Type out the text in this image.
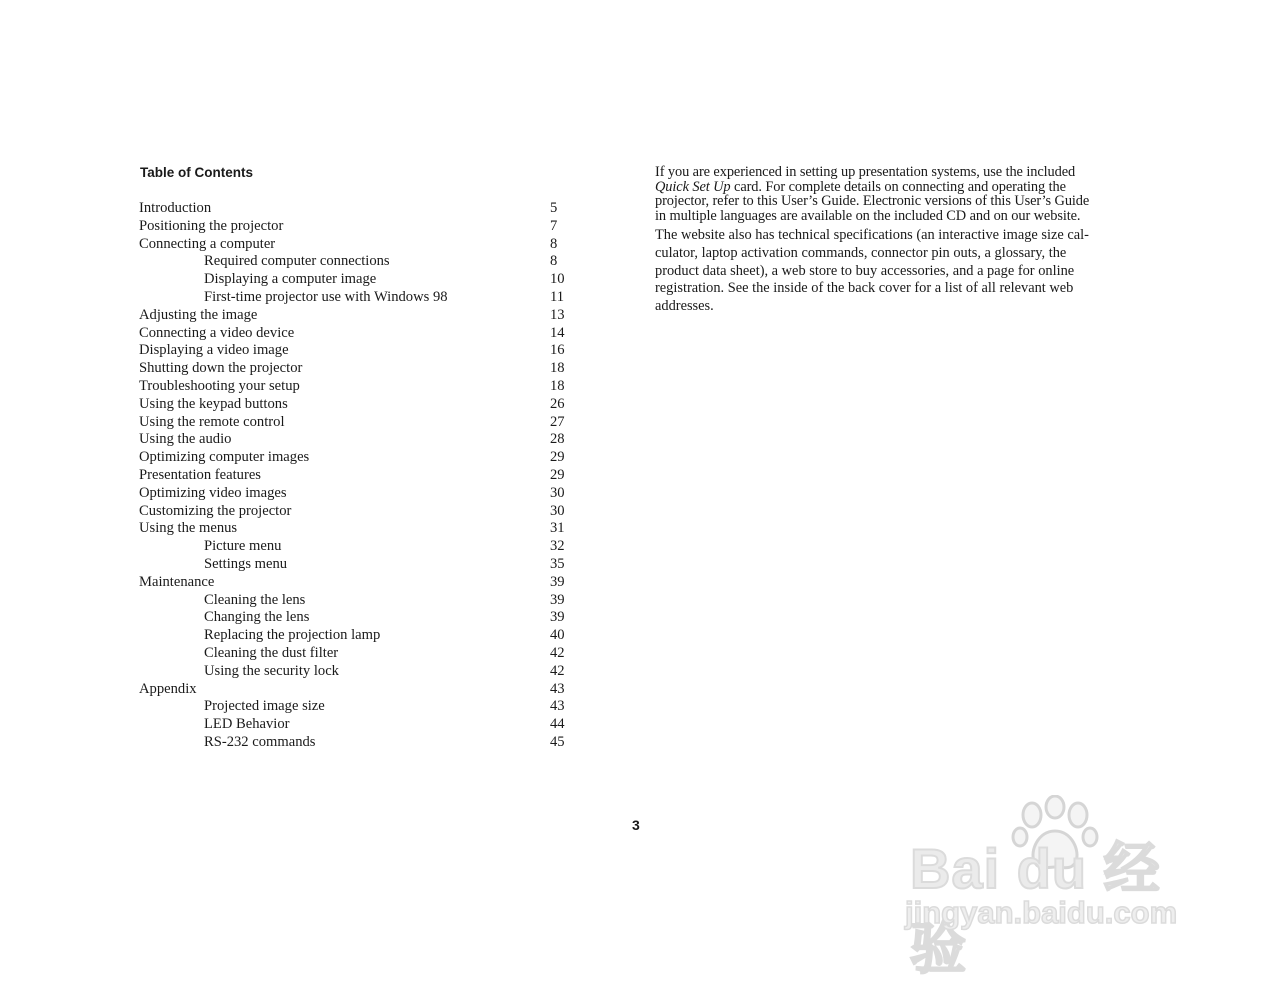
Table of Contents
Introduction	5
Positioning the projector	7
Connecting a computer	8
Required computer connections	8
Displaying a computer image	10
First-time projector use with Windows 98	11
Adjusting the image	13
Connecting a video device	14
Displaying a video image	16
Shutting down the projector	18
Troubleshooting your setup	18
Using the keypad buttons	26
Using the remote control	27
Using the audio	28
Optimizing computer images	29
Presentation features	29
Optimizing video images	30
Customizing the projector	30
Using the menus	31
Picture menu	32
Settings menu	35
Maintenance	39
Cleaning the lens	39
Changing the lens	39
Replacing the projection lamp	40
Cleaning the dust filter	42
Using the security lock	42
Appendix	43
Projected image size	43
LED Behavior	44
RS-232 commands	45

If you are experienced in setting up presentation systems, use the included
Quick Set Up card. For complete details on connecting and operating the
projector, refer to this User’s Guide. Electronic versions of this User’s Guide
in multiple languages are available on the included CD and on our website.

The website also has technical specifications (an interactive image size cal-
culator, laptop activation commands, connector pin outs, a glossary, the
product data sheet), a web store to buy accessories, and a page for online
registration. See the inside of the back cover for a list of all relevant web
addresses.

3
Bai du 经验
jingyan.baidu.com
